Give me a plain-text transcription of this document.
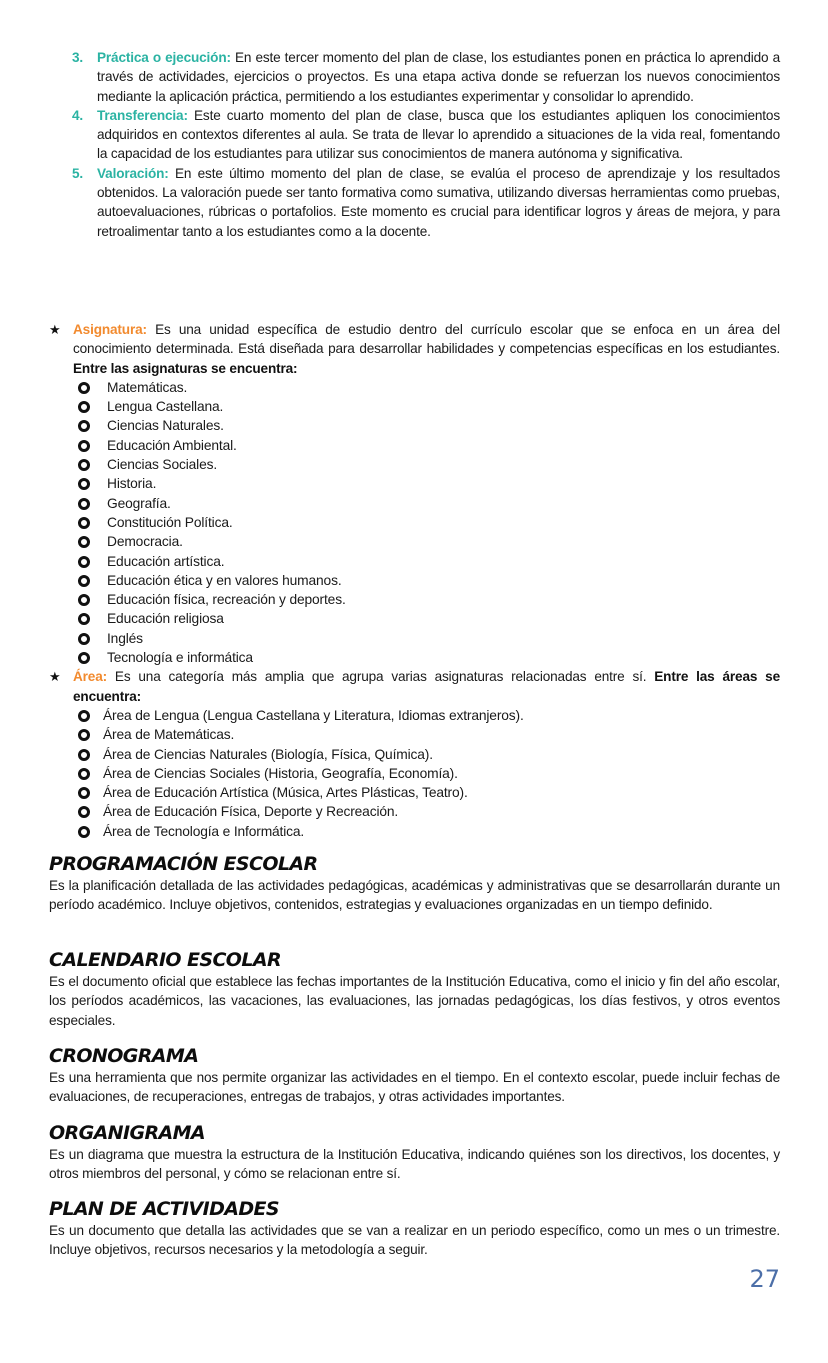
3. Práctica o ejecución: En este tercer momento del plan de clase, los estudiantes ponen en práctica lo aprendido a través de actividades, ejercicios o proyectos. Es una etapa activa donde se refuerzan los nuevos conocimientos mediante la aplicación práctica, permitiendo a los estudiantes experimentar y consolidar lo aprendido.
4. Transferencia: Este cuarto momento del plan de clase, busca que los estudiantes apliquen los conocimientos adquiridos en contextos diferentes al aula. Se trata de llevar lo aprendido a situaciones de la vida real, fomentando la capacidad de los estudiantes para utilizar sus conocimientos de manera autónoma y significativa.
5. Valoración: En este último momento del plan de clase, se evalúa el proceso de aprendizaje y los resultados obtenidos. La valoración puede ser tanto formativa como sumativa, utilizando diversas herramientas como pruebas, autoevaluaciones, rúbricas o portafolios. Este momento es crucial para identificar logros y áreas de mejora, y para retroalimentar tanto a los estudiantes como a la docente.
★ Asignatura: Es una unidad específica de estudio dentro del currículo escolar que se enfoca en un área del conocimiento determinada. Está diseñada para desarrollar habilidades y competencias específicas en los estudiantes. Entre las asignaturas se encuentra:
Matemáticas.
Lengua Castellana.
Ciencias Naturales.
Educación Ambiental.
Ciencias Sociales.
Historia.
Geografía.
Constitución Política.
Democracia.
Educación artística.
Educación ética y en valores humanos.
Educación física, recreación y deportes.
Educación religiosa
Inglés
Tecnología e informática
★ Área: Es una categoría más amplia que agrupa varias asignaturas relacionadas entre sí. Entre las áreas se encuentra:
Área de Lengua (Lengua Castellana y Literatura, Idiomas extranjeros).
Área de Matemáticas.
Área de Ciencias Naturales (Biología, Física, Química).
Área de Ciencias Sociales (Historia, Geografía, Economía).
Área de Educación Artística (Música, Artes Plásticas, Teatro).
Área de Educación Física, Deporte y Recreación.
Área de Tecnología e Informática.
PROGRAMACIÓN ESCOLAR

Es la planificación detallada de las actividades pedagógicas, académicas y administrativas que se desarrollarán durante un período académico. Incluye objetivos, contenidos, estrategias y evaluaciones organizadas en un tiempo definido.

CALENDARIO ESCOLAR

Es el documento oficial que establece las fechas importantes de la Institución Educativa, como el inicio y fin del año escolar, los períodos académicos, las vacaciones, las evaluaciones, las jornadas pedagógicas, los días festivos, y otros eventos especiales.

CRONOGRAMA

Es una herramienta que nos permite organizar las actividades en el tiempo. En el contexto escolar, puede incluir fechas de evaluaciones, de recuperaciones, entregas de trabajos, y otras actividades importantes.

ORGANIGRAMA

Es un diagrama que muestra la estructura de la Institución Educativa, indicando quiénes son los directivos, los docentes, y otros miembros del personal, y cómo se relacionan entre sí.

PLAN DE ACTIVIDADES

Es un documento que detalla las actividades que se van a realizar en un periodo específico, como un mes o un trimestre. Incluye objetivos, recursos necesarios y la metodología a seguir.

27
